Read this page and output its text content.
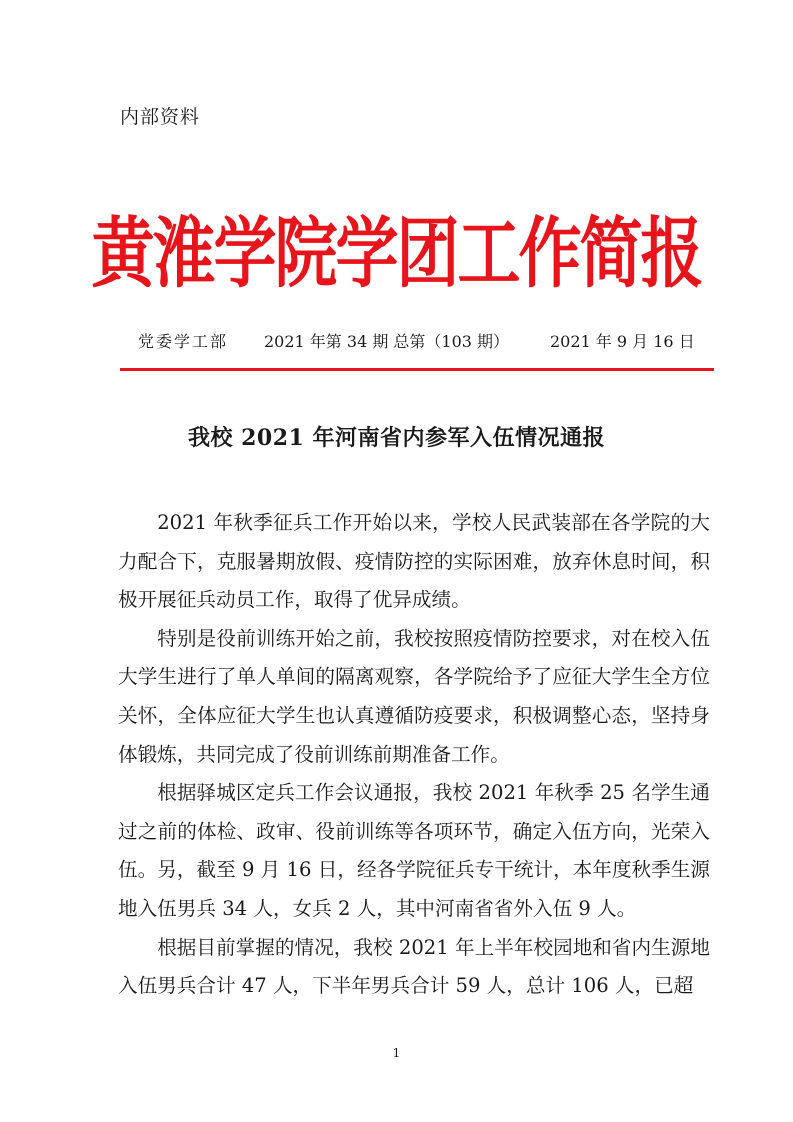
内部资料
黄淮学院学团工作简报
党委学工部 2021 年第 34 期 总第（103 期）	2021 年 9 月 16 日
我校 2021 年河南省内参军入伍情况通报

2021 年秋季征兵工作开始以来，学校人民武装部在各学院的大力配合下，克服暑期放假、疫情防控的实际困难，放弃休息时间，积极开展征兵动员工作，取得了优异成绩。

特别是役前训练开始之前，我校按照疫情防控要求，对在校入伍大学生进行了单人单间的隔离观察，各学院给予了应征大学生全方位关怀，全体应征大学生也认真遵循防疫要求，积极调整心态，坚持身体锻炼，共同完成了役前训练前期准备工作。

根据驿城区定兵工作会议通报，我校 2021 年秋季 25 名学生通过之前的体检、政审、役前训练等各项环节，确定入伍方向，光荣入伍。另，截至 9 月 16 日，经各学院征兵专干统计，本年度秋季生源地入伍男兵 34 人，女兵 2 人，其中河南省省外入伍 9 人。

根据目前掌握的情况，我校 2021 年上半年校园地和省内生源地入伍男兵合计 47 人，下半年男兵合计 59 人，总计 106 人，已超

1
